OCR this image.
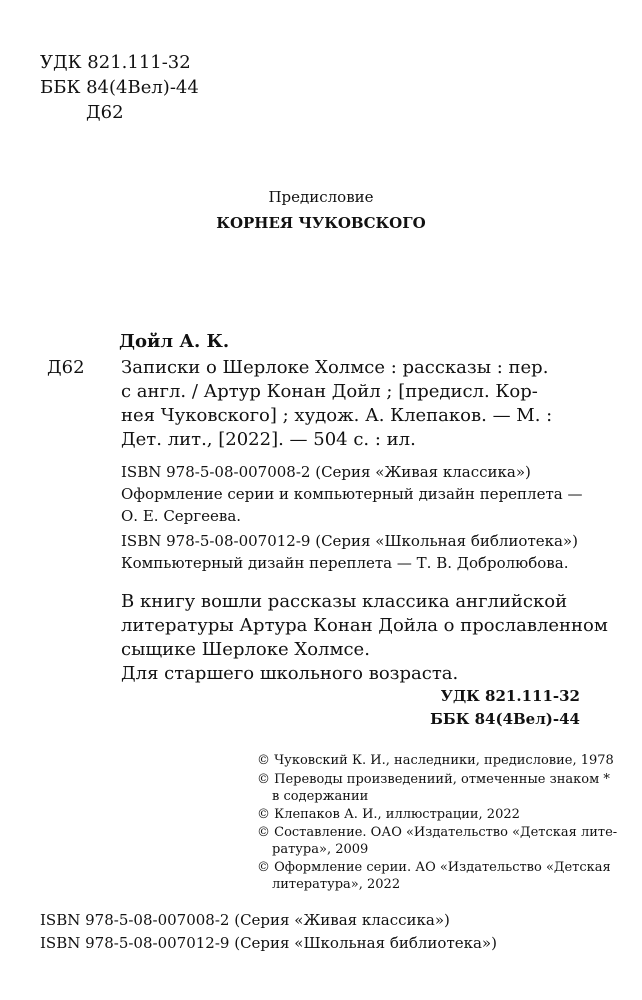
УДК 821.111-32
ББК 84(4Вел)-44
Д62
Предисловие
КОРНЕЯ ЧУКОВСКОГО
Дойл А. К.
Д62 Записки о Шерлоке Холмсе : рассказы : пер.
с англ. / Артур Конан Дойл ; [предисл. Кор-
нея Чуковского] ; худож. А. Клепаков. — М. :
Дет. лит., [2022]. — 504 с. : ил.
ISBN 978-5-08-007008-2 (Серия «Живая классика»)
Оформление серии и компьютерный дизайн переплета —
О. Е. Сергеева.
ISBN 978-5-08-007012-9 (Серия «Школьная библиотека»)
Компьютерный дизайн переплета — Т. В. Добролюбова.
В книгу вошли рассказы классика английской
литературы Артура Конан Дойла о прославленном
сыщике Шерлоке Холмсе.
Для старшего школьного возраста.
УДК 821.111-32
ББК 84(4Вел)-44
© Чуковский К. И., наследники, предисловие, 1978
© Переводы произведениий, отмеченные знаком *
в содержании
© Клепаков А. И., иллюстрации, 2022
© Составление. ОАО «Издательство «Детская лите-
ратура», 2009
© Оформление серии. АО «Издательство «Детская
литература», 2022
ISBN 978-5-08-007008-2 (Серия «Живая классика»)
ISBN 978-5-08-007012-9 (Серия «Школьная библиотека»)
